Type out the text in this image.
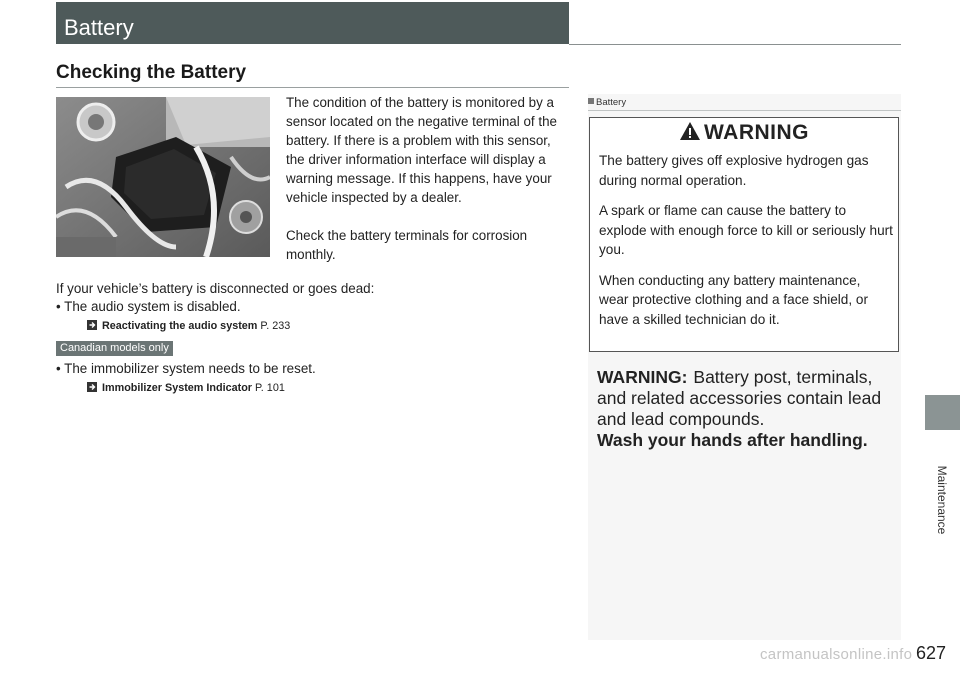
Battery
Checking the Battery

The condition of the battery is monitored by a sensor located on the negative terminal of the battery. If there is a problem with this sensor, the driver information interface will display a warning message. If this happens, have your vehicle inspected by a dealer.

Check the battery terminals for corrosion monthly.

If your vehicle’s battery is disconnected or goes dead:

• The audio system is disabled.

Reactivating the audio system P. 233
Canadian models only

• The immobilizer system needs to be reset.

Immobilizer System Indicator P. 101
Battery
WARNING

The battery gives off explosive hydrogen gas during normal operation.

A spark or flame can cause the battery to explode with enough force to kill or seriously hurt you.

When conducting any battery maintenance, wear protective clothing and a face shield, or have a skilled technician do it.

WARNING: Battery post, terminals,
and related accessories contain lead
and lead compounds.
Wash your hands after handling.
Maintenance
627
carmanualsonline.info
